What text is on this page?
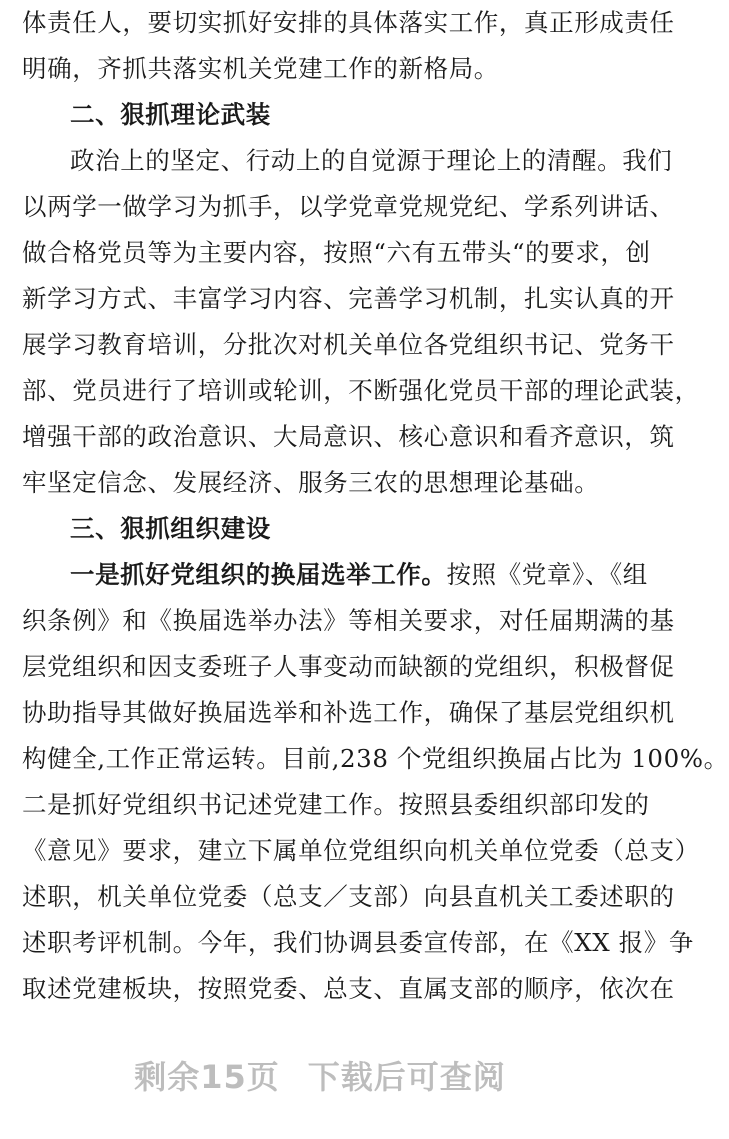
体责任人，要切实抓好安排的具体落实工作，真正形成责任
明确，齐抓共落实机关党建工作的新格局。
二、狠抓理论武装
政治上的坚定、行动上的自觉源于理论上的清醒。我们
以两学一做学习为抓手，以学党章党规党纪、学系列讲话、
做合格党员等为主要内容，按照“六有五带头“的要求，创
新学习方式、丰富学习内容、完善学习机制，扎实认真的开
展学习教育培训，分批次对机关单位各党组织书记、党务干
部、党员进行了培训或轮训，不断强化党员干部的理论武装，
增强干部的政治意识、大局意识、核心意识和看齐意识，筑
牢坚定信念、发展经济、服务三农的思想理论基础。
三、狠抓组织建设
一是抓好党组织的换届选举工作。按照《党章》、《组
织条例》和《换届选举办法》等相关要求，对任届期满的基
层党组织和因支委班子人事变动而缺额的党组织，积极督促
协助指导其做好换届选举和补选工作，确保了基层党组织机
构健全,工作正常运转。目前,238 个党组织换届占比为 100%。
二是抓好党组织书记述党建工作。按照县委组织部印发的
《意见》要求，建立下属单位党组织向机关单位党委（总支）
述职，机关单位党委（总支／支部）向县直机关工委述职的
述职考评机制。今年，我们协调县委宣传部，在《XX 报》争
取述党建板块，按照党委、总支、直属支部的顺序，依次在
剩余15页 下载后可查阅
